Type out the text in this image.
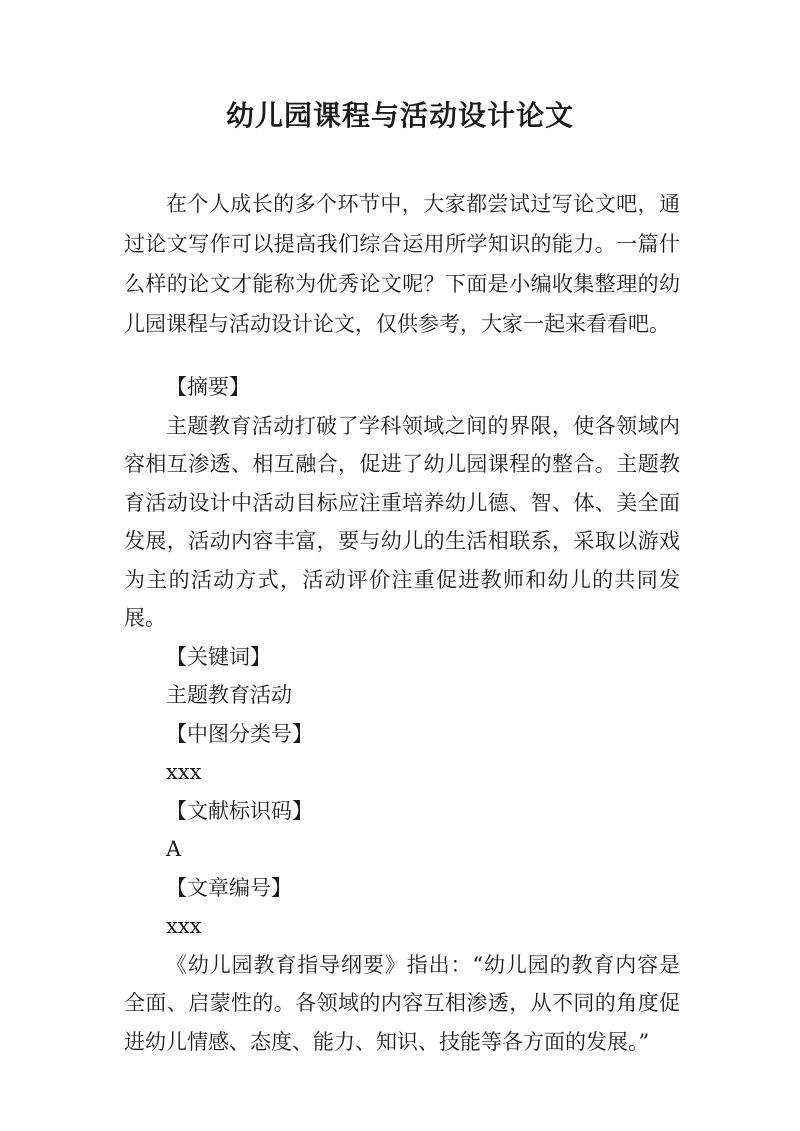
幼儿园课程与活动设计论文

在个人成长的多个环节中，大家都尝试过写论文吧，通过论文写作可以提高我们综合运用所学知识的能力。一篇什么样的论文才能称为优秀论文呢？下面是小编收集整理的幼儿园课程与活动设计论文，仅供参考，大家一起来看看吧。

【摘要】

主题教育活动打破了学科领域之间的界限，使各领域内容相互渗透、相互融合，促进了幼儿园课程的整合。主题教育活动设计中活动目标应注重培养幼儿德、智、体、美全面发展，活动内容丰富，要与幼儿的生活相联系，采取以游戏为主的活动方式，活动评价注重促进教师和幼儿的共同发展。

【关键词】

主题教育活动

【中图分类号】

xxx

【文献标识码】

A

【文章编号】

xxx

《幼儿园教育指导纲要》指出：“幼儿园的教育内容是全面、启蒙性的。各领域的内容互相渗透，从不同的角度促进幼儿情感、态度、能力、知识、技能等各方面的发展。”
